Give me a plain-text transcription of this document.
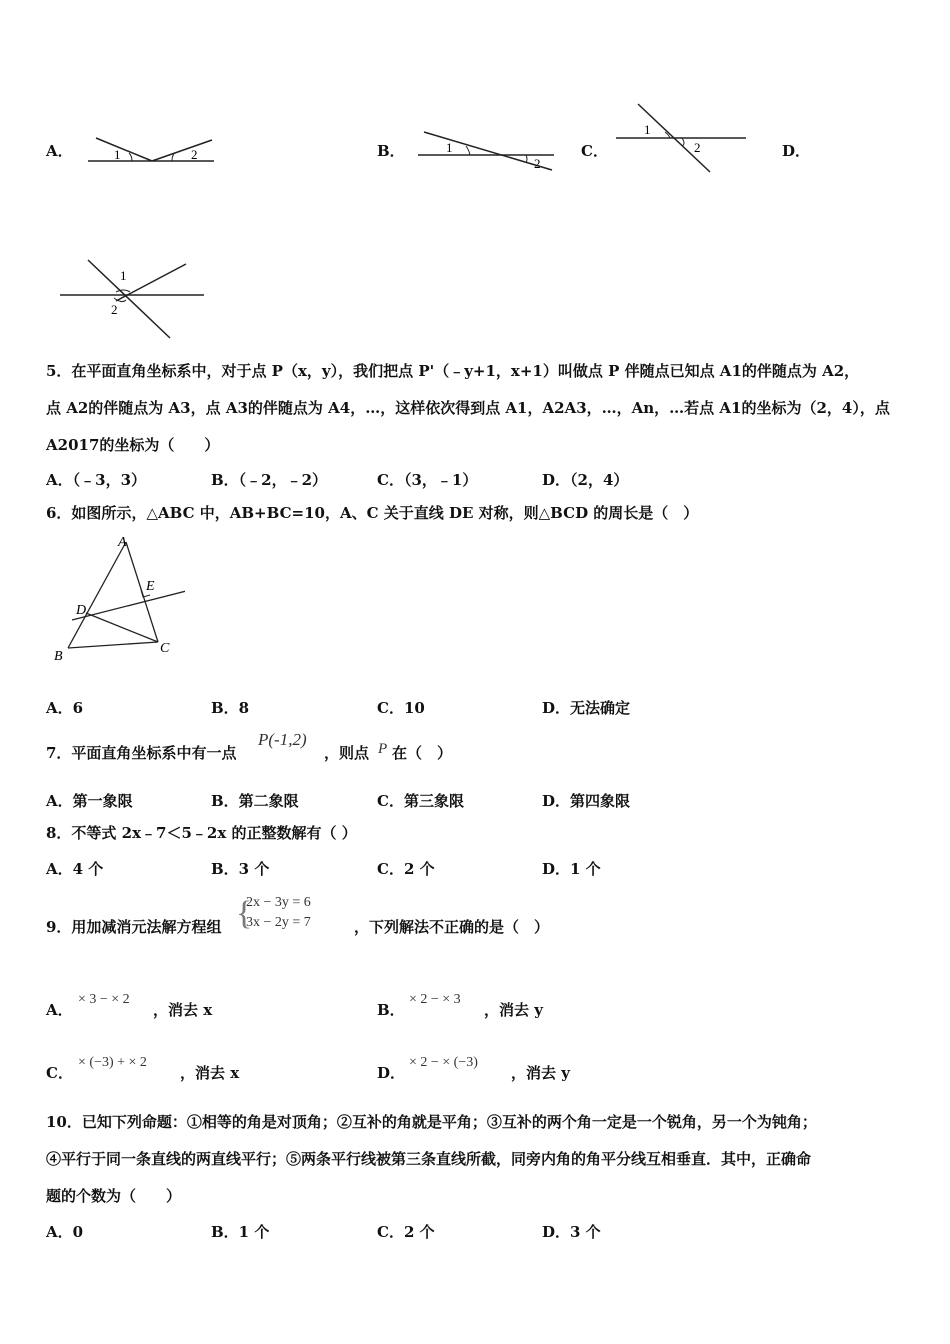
A．	1	2	B．	1
2
C．
1
2	D．
1
2
5．在平面直角坐标系中，对于点 P（x，y），我们把点 P'（﹣y+1，x+1）叫做点 P 伴随点已知点 A1的伴随点为 A2，
点 A2的伴随点为 A3，点 A3的伴随点为 A4，…，这样依次得到点 A1，A2A3，…，An，…若点 A1的坐标为（2，4），点
A2017的坐标为（　　）
A．（﹣3，3）	B．（﹣2，﹣2）	C．（3，﹣1）	D．（2，4）
6．如图所示，△ABC 中，AB+BC=10，A、C 关于直线 DE 对称，则△BCD 的周长是（　）
A
E
D
B
C
A．6	B．8	C．10	D．无法确定
7．平面直角坐标系中有一点
P(-1,2)
，则点 P 在（　）
A．第一象限	B．第二象限	C．第三象限	D．第四象限
8．不等式 2x﹣7＜5﹣2x 的正整数解有（ ）
A．4 个	B．3 个	C．2 个	D．1 个
9．用加减消元法解方程组 {
2x − 3y = 6
3x − 2y = 7	，下列解法不正确的是（　）
A．
× 3 − × 2
，消去 x	B．
× 2 − × 3
，消去 y
C．
× (−3) + × 2
，消去 x	D．
× 2 − × (−3)
，消去 y
10．已知下列命题：①相等的角是对顶角；②互补的角就是平角；③互补的两个角一定是一个锐角，另一个为钝角；
④平行于同一条直线的两直线平行；⑤两条平行线被第三条直线所截，同旁内角的角平分线互相垂直．其中，正确命
题的个数为（　　）
A．0	B．1 个	C．2 个	D．3 个
